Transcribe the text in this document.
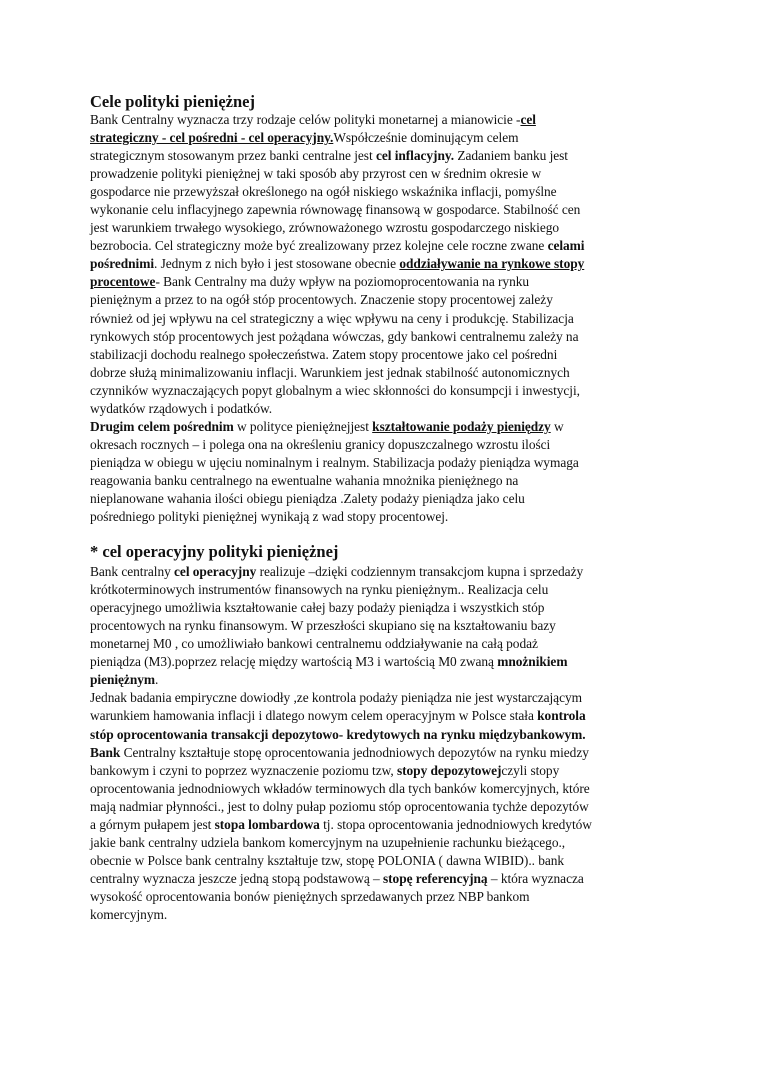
Cele polityki pieniężnej
Bank Centralny wyznacza trzy rodzaje celów polityki monetarnej a mianowicie -cel
strategiczny - cel pośredni - cel operacyjny.Współcześnie dominującym celem
strategicznym stosowanym przez banki centralne jest cel inflacyjny. Zadaniem banku jest
prowadzenie polityki pieniężnej w taki sposób aby przyrost cen w średnim okresie w
gospodarce nie przewyższał określonego na ogół niskiego wskaźnika inflacji, pomyślne
wykonanie celu inflacyjnego zapewnia równowagę finansową w gospodarce. Stabilność cen
jest warunkiem trwałego wysokiego, zrównoważonego wzrostu gospodarczego niskiego
bezrobocia. Cel strategiczny może być zrealizowany przez kolejne cele roczne zwane celami
pośrednimi. Jednym z nich było i jest stosowane obecnie oddziaływanie na rynkowe stopy
procentowe- Bank Centralny ma duży wpływ na poziomoprocentowania na rynku
pieniężnym a przez to na ogół stóp procentowych. Znaczenie stopy procentowej zależy
również od jej wpływu na cel strategiczny a więc wpływu na ceny i produkcję. Stabilizacja
rynkowych stóp procentowych jest pożądana wówczas, gdy bankowi centralnemu zależy na
stabilizacji dochodu realnego społeczeństwa. Zatem stopy procentowe jako cel pośredni
dobrze służą minimalizowaniu inflacji. Warunkiem jest jednak stabilność autonomicznych
czynników wyznaczających popyt globalnym a wiec skłonności do konsumpcji i inwestycji,
wydatków rządowych i podatków.
Drugim celem pośrednim w polityce pieniężnejjest kształtowanie podaży pieniędzy w
okresach rocznych – i polega ona na określeniu granicy dopuszczalnego wzrostu ilości
pieniądza w obiegu w ujęciu nominalnym i realnym. Stabilizacja podaży pieniądza wymaga
reagowania banku centralnego na ewentualne wahania mnożnika pieniężnego na
nieplanowane wahania ilości obiegu pieniądza .Zalety podaży pieniądza jako celu
pośredniego polityki pieniężnej wynikają z wad stopy procentowej.
* cel operacyjny polityki pieniężnej
Bank centralny cel operacyjny realizuje –dzięki codziennym transakcjom kupna i sprzedaży
krótkoterminowych instrumentów finansowych na rynku pieniężnym.. Realizacja celu
operacyjnego umożliwia kształtowanie całej bazy podaży pieniądza i wszystkich stóp
procentowych na rynku finansowym. W przeszłości skupiano się na kształtowaniu bazy
monetarnej M0 , co umożliwiało bankowi centralnemu oddziaływanie na całą podaż
pieniądza (M3).poprzez relację między wartością M3 i wartością M0 zwaną mnożnikiem
pieniężnym.
Jednak badania empiryczne dowiodły ,ze kontrola podaży pieniądza nie jest wystarczającym
warunkiem hamowania inflacji i dlatego nowym celem operacyjnym w Polsce stała kontrola
stóp oprocentowania transakcji depozytowo- kredytowych na rynku międzybankowym.
Bank Centralny kształtuje stopę oprocentowania jednodniowych depozytów na rynku miedzy
bankowym i czyni to poprzez wyznaczenie poziomu tzw, stopy depozytowejczyli stopy
oprocentowania jednodniowych wkładów terminowych dla tych banków komercyjnych, które
mają nadmiar płynności., jest to dolny pułap poziomu stóp oprocentowania tychże depozytów
a górnym pułapem jest stopa lombardowa tj. stopa oprocentowania jednodniowych kredytów
jakie bank centralny udziela bankom komercyjnym na uzupełnienie rachunku bieżącego.,
obecnie w Polsce bank centralny kształtuje tzw, stopę POLONIA ( dawna WIBID).. bank
centralny wyznacza jeszcze jedną stopą podstawową – stopę referencyjną – która wyznacza
wysokość oprocentowania bonów pieniężnych sprzedawanych przez NBP bankom
komercyjnym.
